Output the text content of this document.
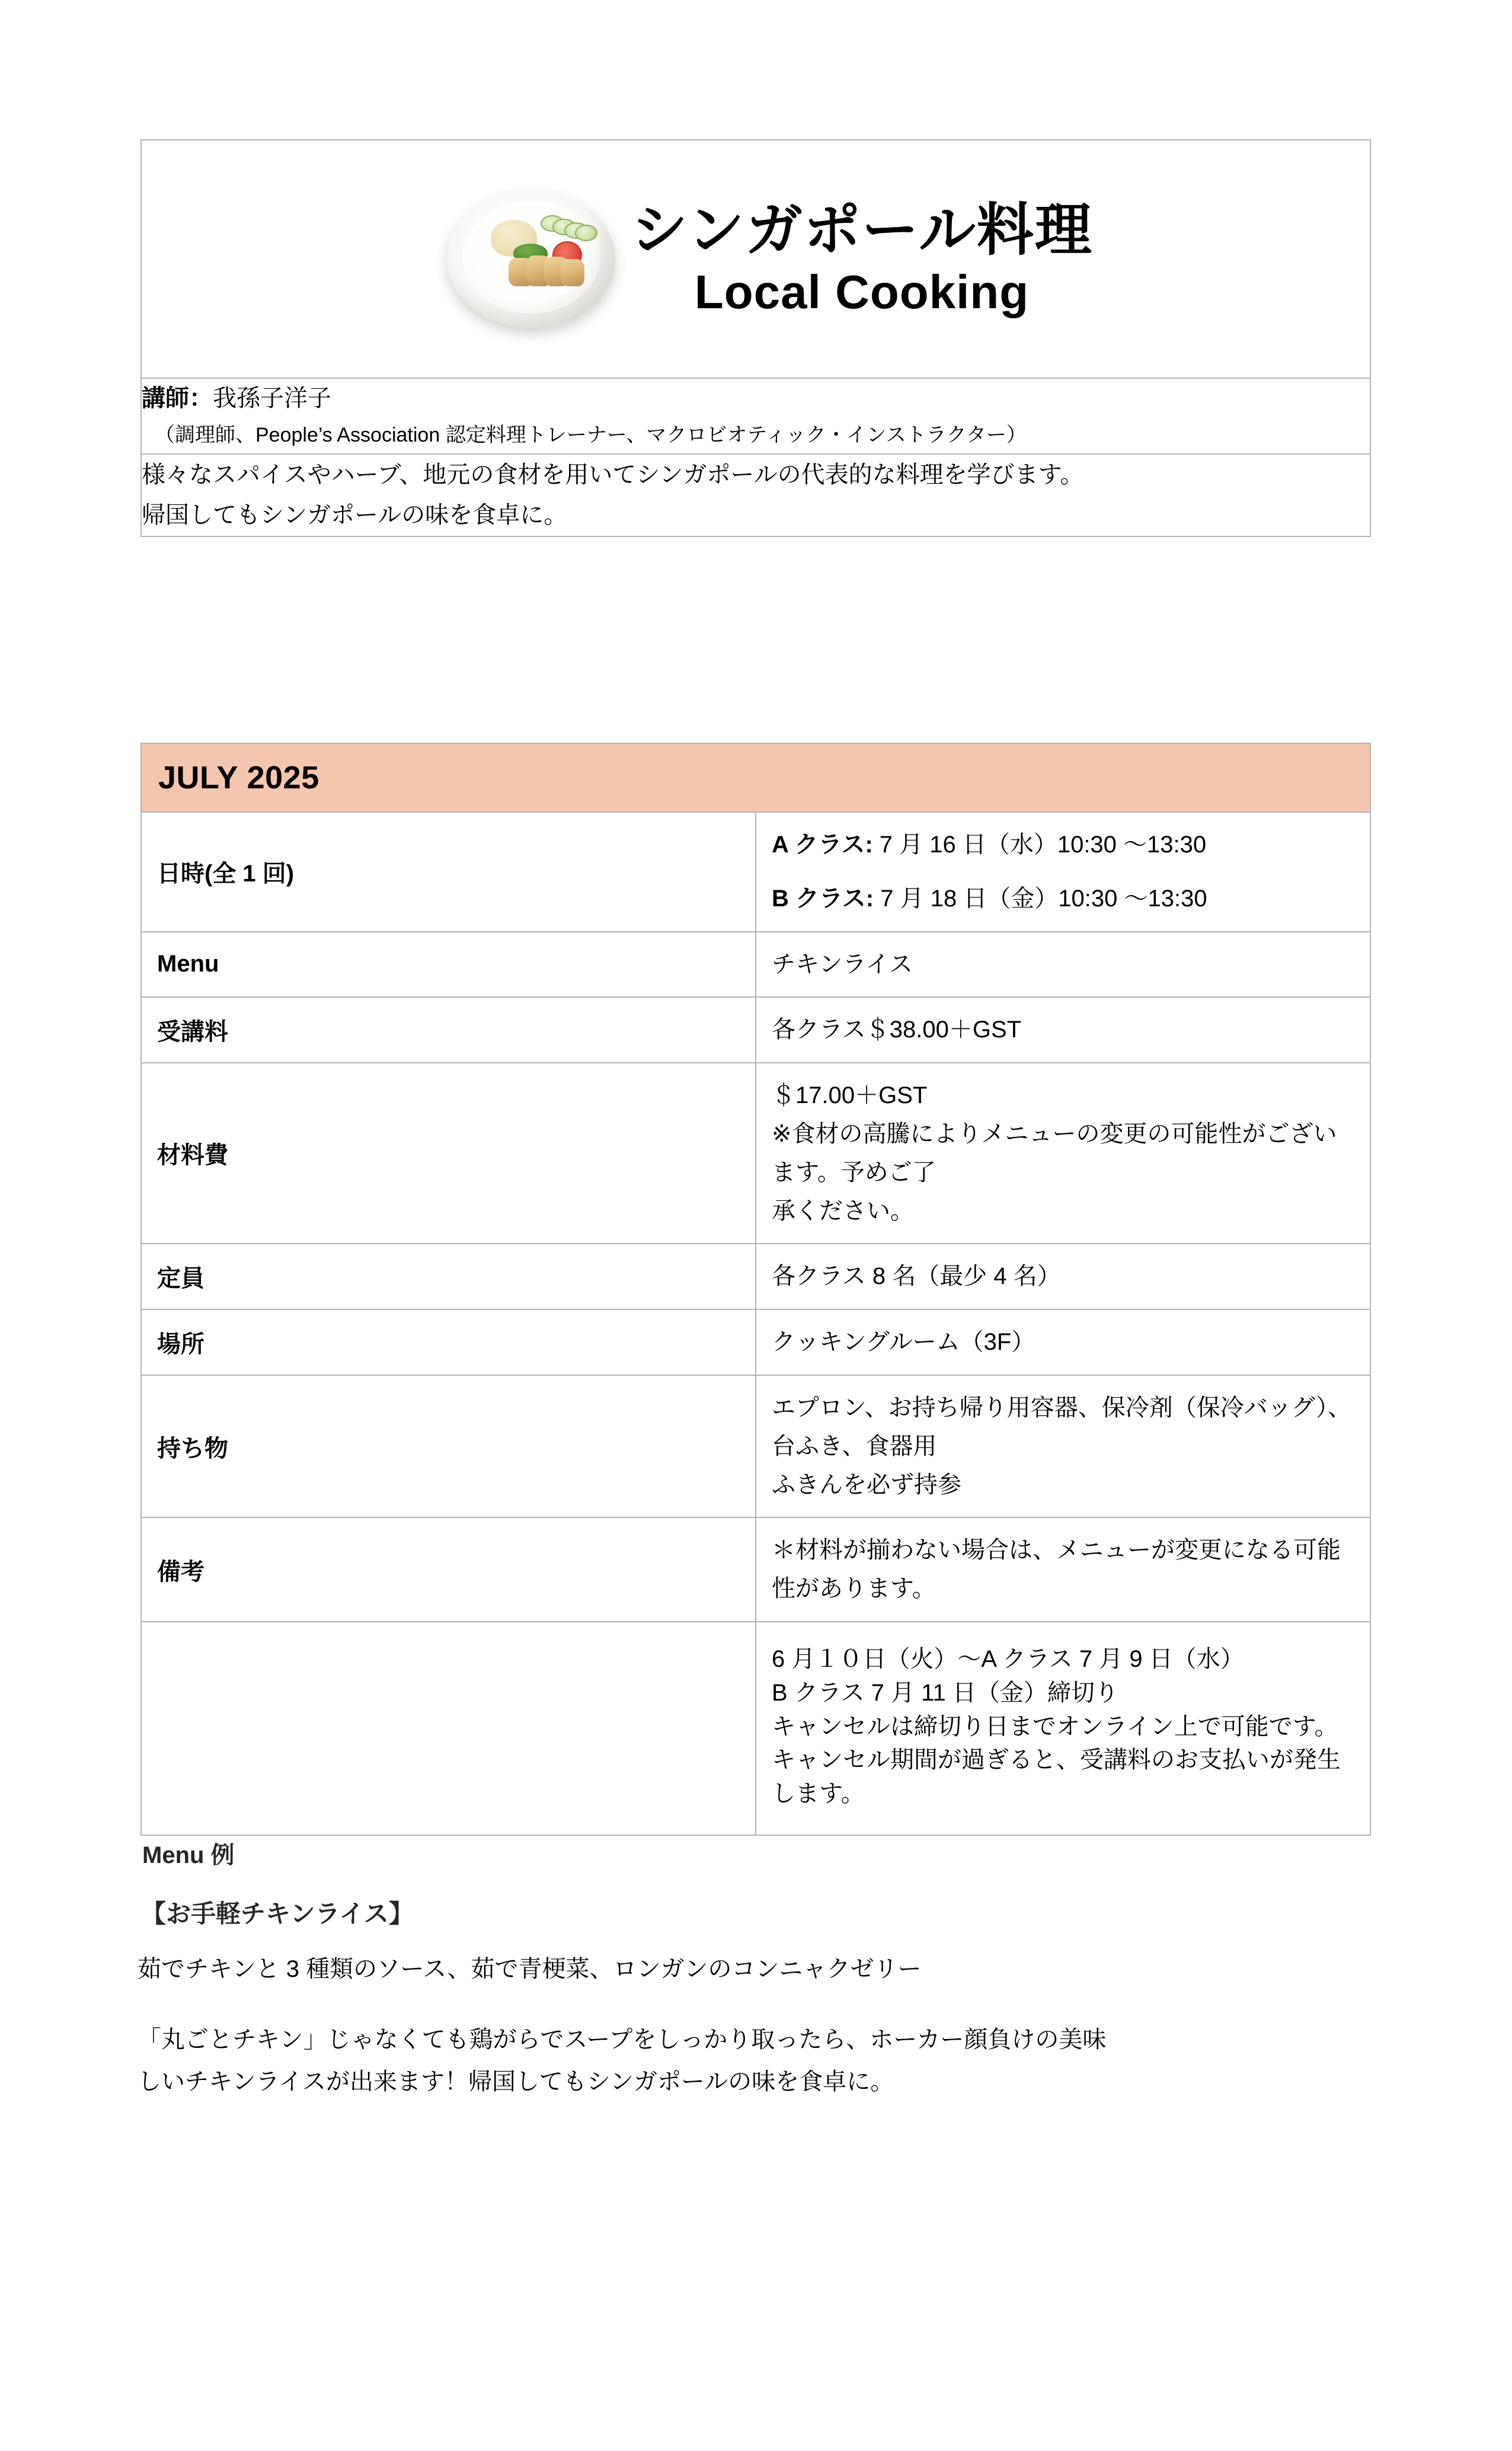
シンガポール料理
Local Cooking

講師：我孫子洋子
（調理師、People’s Association 認定料理トレーナー、マクロビオティック・インストラクター）

様々なスパイスやハーブ、地元の食材を用いてシンガポールの代表的な料理を学びます。
帰国してもシンガポールの味を食卓に。
JULY 2025	
日時(全 1 回)	A クラス: 7 月 16 日（水）10:30 〜13:30
B クラス: 7 月 18 日（金）10:30 〜13:30

Menu	チキンライス
受講料	各クラス＄38.00＋GST
材料費	＄17.00＋GST
※食材の高騰によりメニューの変更の可能性がございます。予めご了
承ください。

定員	各クラス 8 名（最少 4 名）
場所	クッキングルーム（3F）
持ち物	エプロン、お持ち帰り用容器、保冷剤（保冷バッグ）、台ふき、食器用
ふきんを必ず持参

備考	＊材料が揃わない場合は、メニューが変更になる可能性があります。

	6 月１０日（火）〜A クラス 7 月 9 日（水）
B クラス 7 月 11 日（金）締切り
キャンセルは締切り日までオンライン上で可能です。
キャンセル期間が過ぎると、受講料のお支払いが発生します。
Menu 例
【お手軽チキンライス】
茹でチキンと 3 種類のソース、茹で青梗菜、ロンガンのコンニャクゼリー
「丸ごとチキン」じゃなくても鶏がらでスープをしっかり取ったら、ホーカー顔負けの美味
しいチキンライスが出来ます！帰国してもシンガポールの味を食卓に。
